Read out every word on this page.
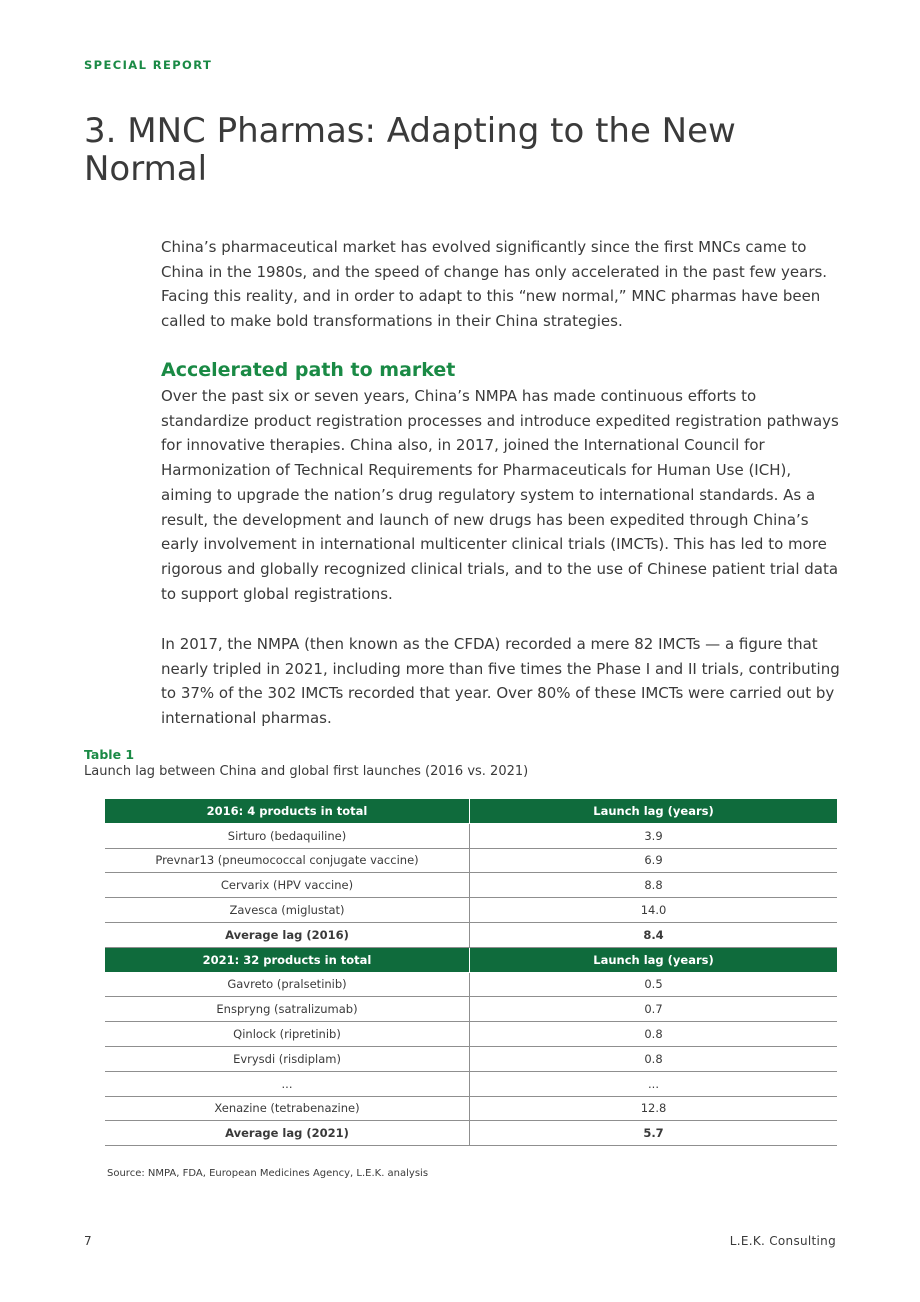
SPECIAL REPORT
3. MNC Pharmas: Adapting to the New Normal

China’s pharmaceutical market has evolved significantly since the first MNCs came to China in the 1980s, and the speed of change has only accelerated in the past few years. Facing this reality, and in order to adapt to this “new normal,” MNC pharmas have been called to make bold transformations in their China strategies.

Accelerated path to market

Over the past six or seven years, China’s NMPA has made continuous efforts to standardize product registration processes and introduce expedited registration pathways for innovative therapies. China also, in 2017, joined the International Council for Harmonization of Technical Requirements for Pharmaceuticals for Human Use (ICH), aiming to upgrade the nation’s drug regulatory system to international standards. As a result, the development and launch of new drugs has been expedited through China’s early involvement in international multicenter clinical trials (IMCTs). This has led to more rigorous and globally recognized clinical trials, and to the use of Chinese patient trial data to support global registrations.

In 2017, the NMPA (then known as the CFDA) recorded a mere 82 IMCTs — a figure that nearly tripled in 2021, including more than five times the Phase I and II trials, contributing to 37% of the 302 IMCTs recorded that year. Over 80% of these IMCTs were carried out by international pharmas.

Table 1
Launch lag between China and global first launches (2016 vs. 2021)
2016: 4 products in total	Launch lag (years)
Sirturo (bedaquiline)	3.9
Prevnar13 (pneumococcal conjugate vaccine)	6.9
Cervarix (HPV vaccine)	8.8
Zavesca (miglustat)	14.0
Average lag (2016)	8.4
2021: 32 products in total	Launch lag (years)
Gavreto (pralsetinib)	0.5
Enspryng (satralizumab)	0.7
Qinlock (ripretinib)	0.8
Evrysdi (risdiplam)	0.8
...	...
Xenazine (tetrabenazine)	12.8
Average lag (2021)	5.7
Source: NMPA, FDA, European Medicines Agency, L.E.K. analysis
7	L.E.K. Consulting
